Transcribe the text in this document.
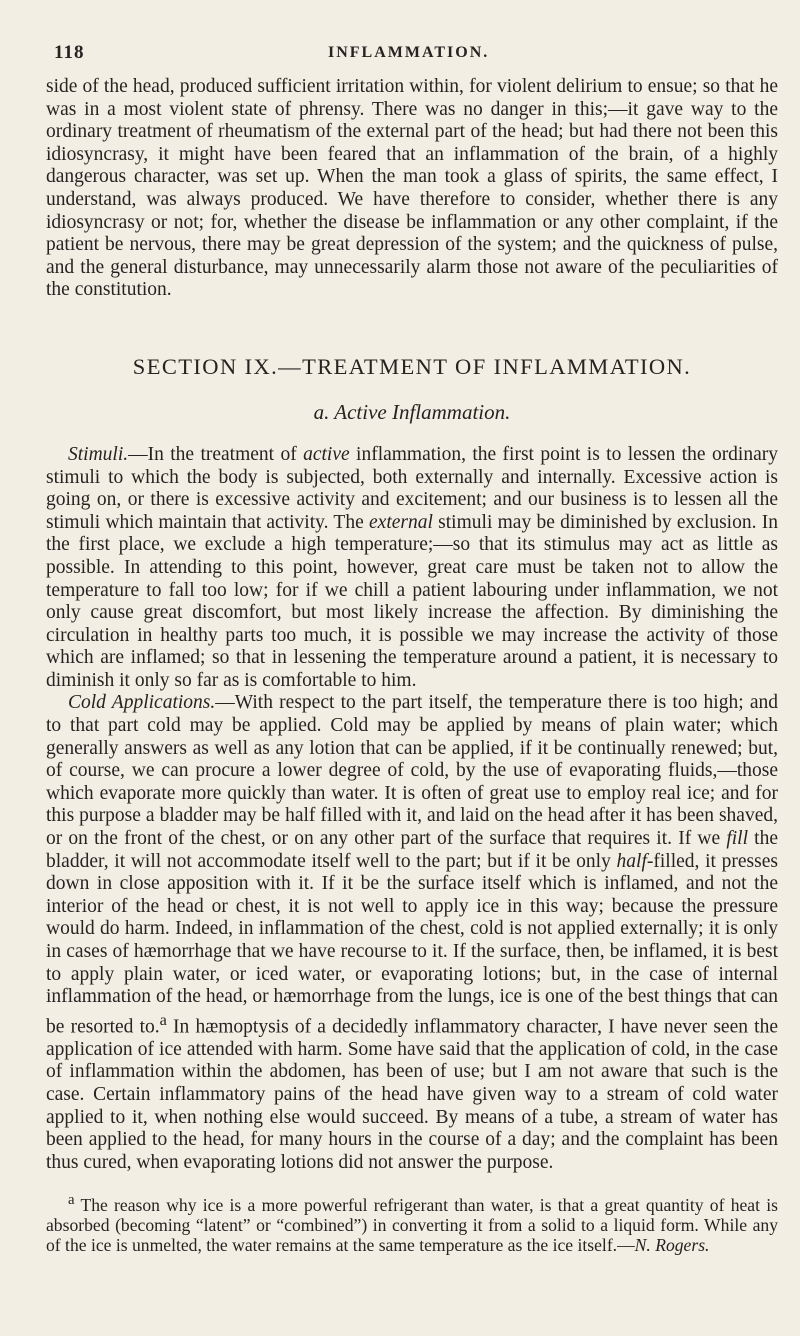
118	INFLAMMATION.

side of the head, produced sufficient irritation within, for violent delirium to ensue; so that he was in a most violent state of phrensy. There was no danger in this;—it gave way to the ordinary treatment of rheumatism of the external part of the head; but had there not been this idiosyncrasy, it might have been feared that an inflammation of the brain, of a highly dangerous character, was set up. When the man took a glass of spirits, the same effect, I understand, was always produced. We have therefore to consider, whether there is any idiosyncrasy or not; for, whether the disease be inflammation or any other complaint, if the patient be nervous, there may be great depression of the system; and the quickness of pulse, and the general disturbance, may unnecessarily alarm those not aware of the peculiarities of the constitution.

SECTION IX.—TREATMENT OF INFLAMMATION.
a. Active Inflammation.

Stimuli.—In the treatment of active inflammation, the first point is to lessen the ordinary stimuli to which the body is subjected, both externally and internally. Excessive action is going on, or there is excessive activity and excitement; and our business is to lessen all the stimuli which maintain that activity. The external stimuli may be diminished by exclusion. In the first place, we exclude a high temperature;—so that its stimulus may act as little as possible. In attending to this point, however, great care must be taken not to allow the temperature to fall too low; for if we chill a patient labouring under inflammation, we not only cause great discomfort, but most likely increase the affection. By diminishing the circulation in healthy parts too much, it is possible we may increase the activity of those which are inflamed; so that in lessening the temperature around a patient, it is necessary to diminish it only so far as is comfortable to him.

Cold Applications.—With respect to the part itself, the temperature there is too high; and to that part cold may be applied. Cold may be applied by means of plain water; which generally answers as well as any lotion that can be applied, if it be continually renewed; but, of course, we can procure a lower degree of cold, by the use of evaporating fluids,—those which evaporate more quickly than water. It is often of great use to employ real ice; and for this purpose a bladder may be half filled with it, and laid on the head after it has been shaved, or on the front of the chest, or on any other part of the surface that requires it. If we fill the bladder, it will not accommodate itself well to the part; but if it be only half-filled, it presses down in close apposition with it. If it be the surface itself which is inflamed, and not the interior of the head or chest, it is not well to apply ice in this way; because the pressure would do harm. Indeed, in inflammation of the chest, cold is not applied externally; it is only in cases of hæmorrhage that we have recourse to it. If the surface, then, be inflamed, it is best to apply plain water, or iced water, or evaporating lotions; but, in the case of internal inflammation of the head, or hæmorrhage from the lungs, ice is one of the best things that can be resorted to.$^a$ In hæmoptysis of a decidedly inflammatory character, I have never seen the application of ice attended with harm. Some have said that the application of cold, in the case of inflammation within the abdomen, has been of use; but I am not aware that such is the case. Certain inflammatory pains of the head have given way to a stream of cold water applied to it, when nothing else would succeed. By means of a tube, a stream of water has been applied to the head, for many hours in the course of a day; and the complaint has been thus cured, when evaporating lotions did not answer the purpose.

$^a$ The reason why ice is a more powerful refrigerant than water, is that a great quantity of heat is absorbed (becoming “latent” or “combined”) in converting it from a solid to a liquid form. While any of the ice is unmelted, the water remains at the same temperature as the ice itself.—N. Rogers.
